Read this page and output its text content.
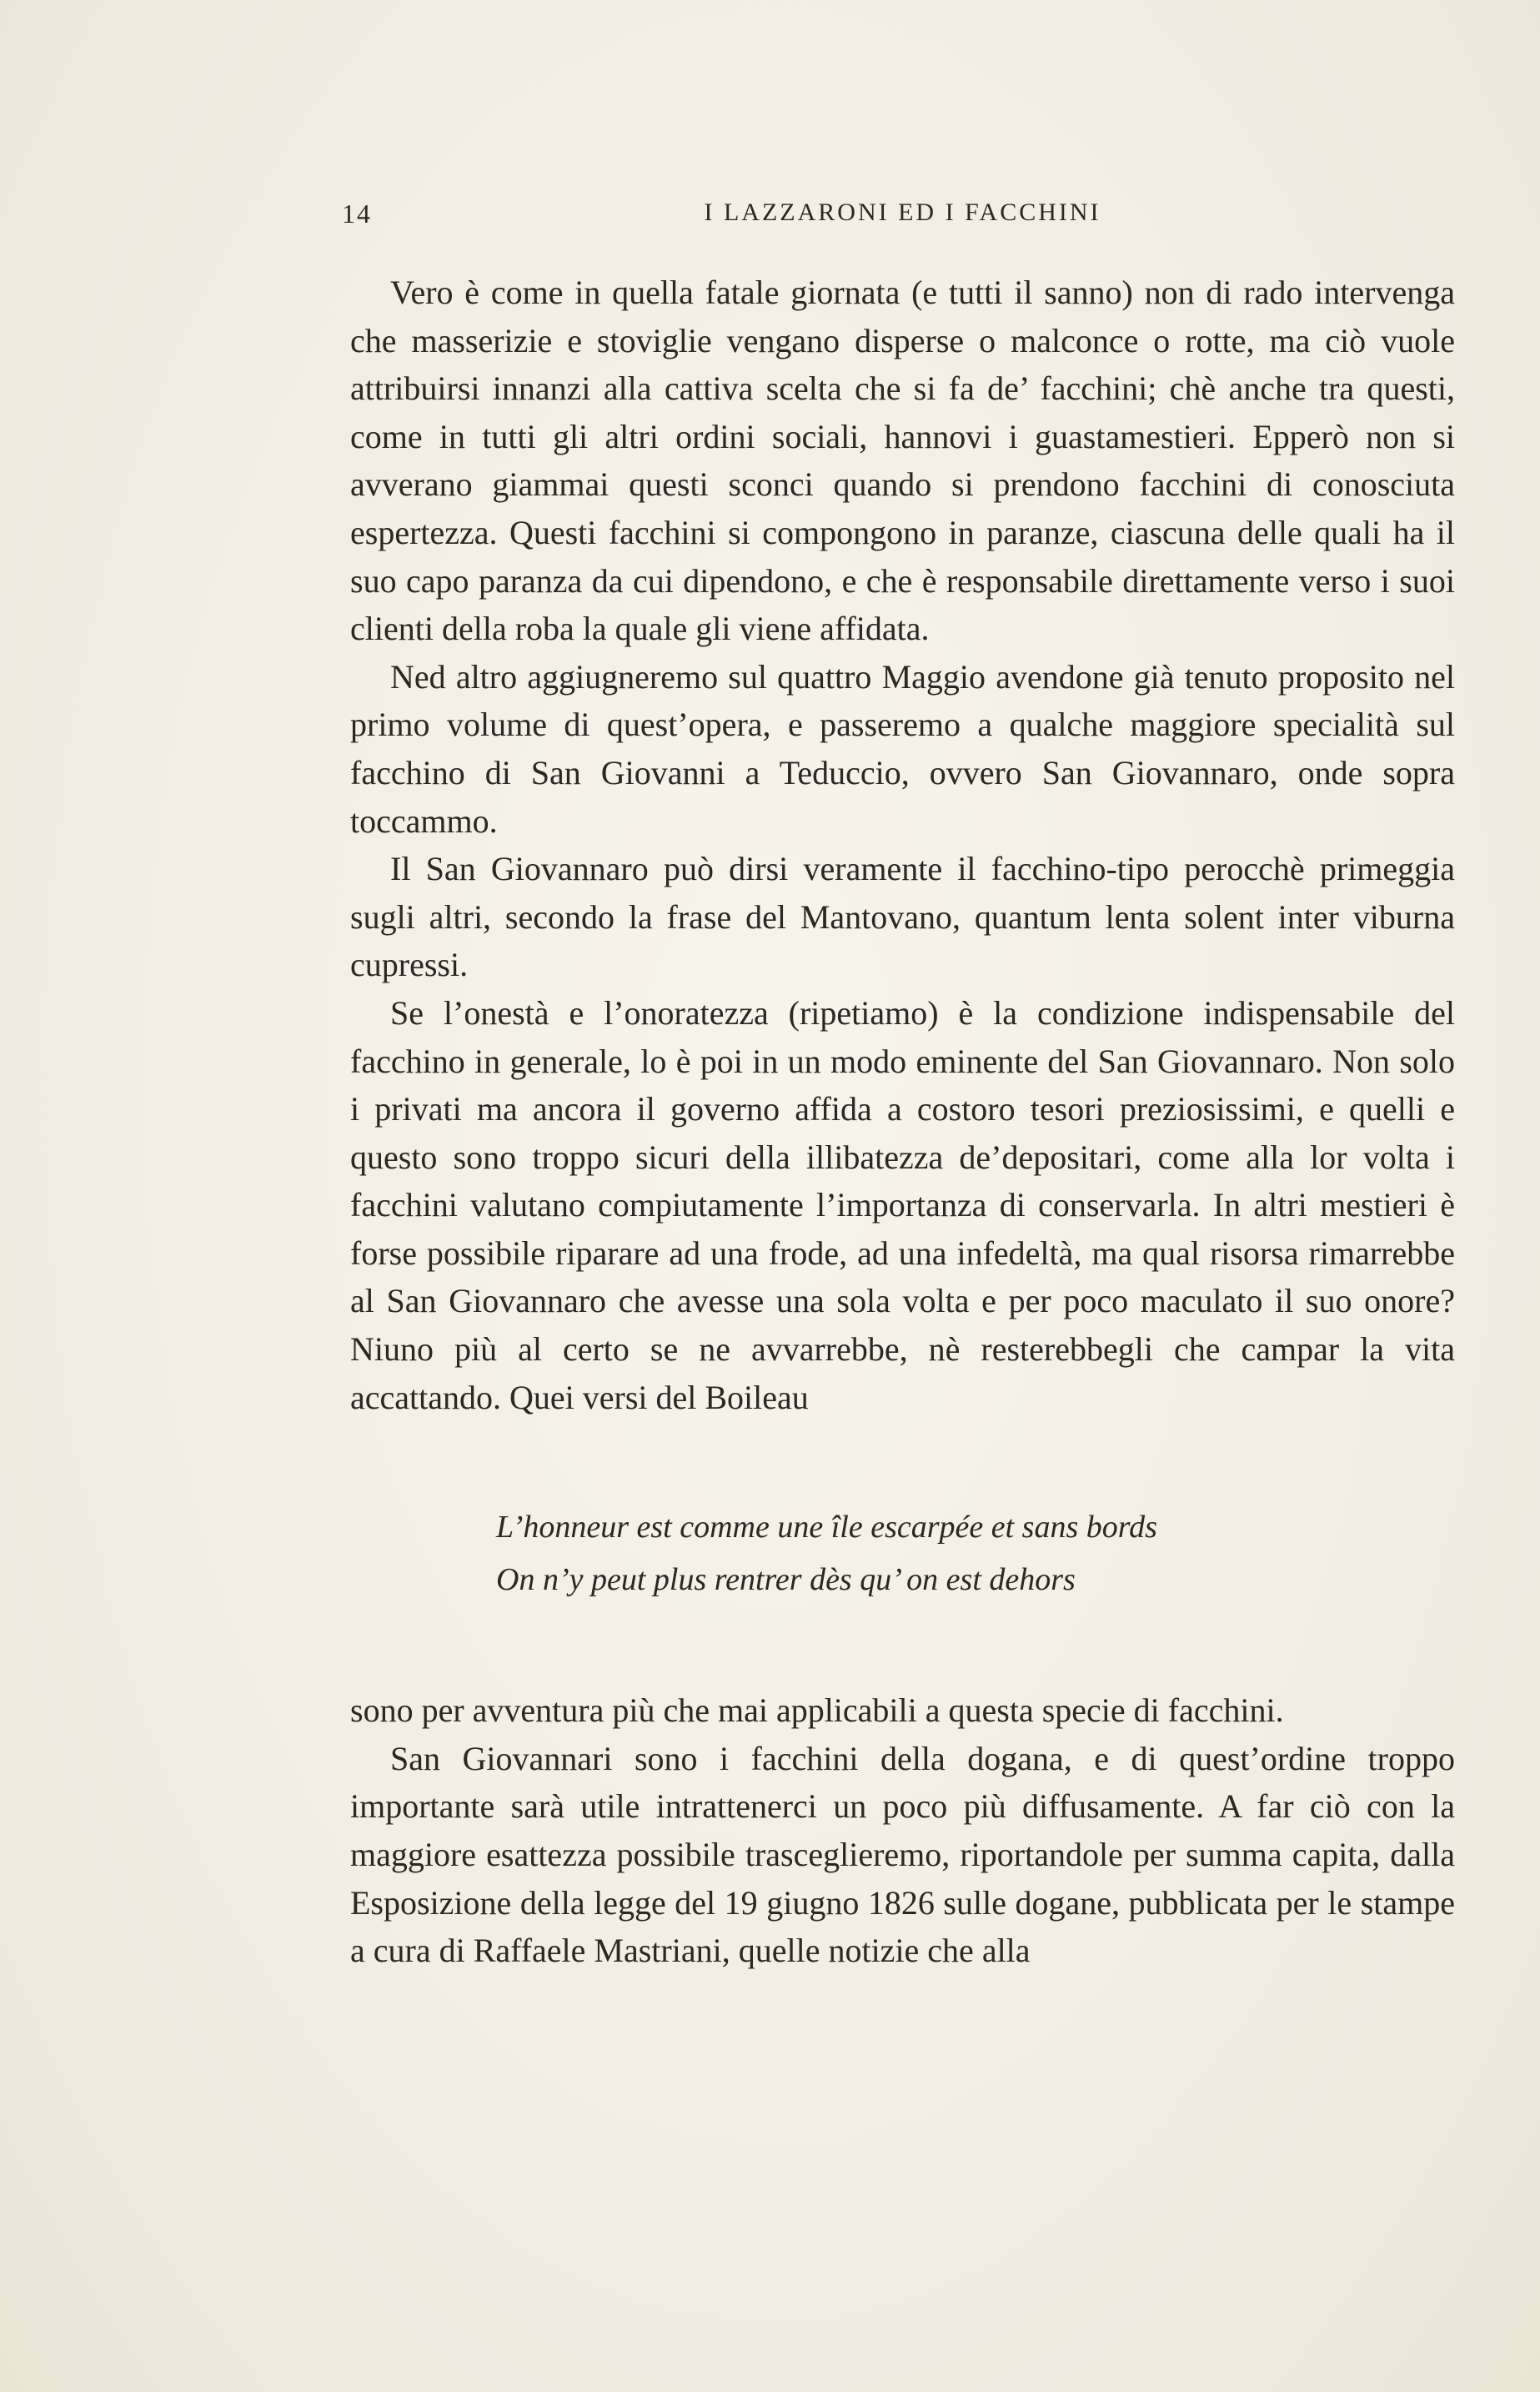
14	I LAZZARONI ED I FACCHINI

Vero è come in quella fatale giornata (e tutti il sanno) non di rado intervenga che masserizie e stoviglie vengano disperse o malconce o rotte, ma ciò vuole attribuirsi innanzi alla cattiva scelta che si fa de’ facchini; chè anche tra questi, come in tutti gli altri ordini sociali, hannovi i guastamestieri. Epperò non si avverano giammai questi sconci quando si prendono facchini di conosciuta espertezza. Questi facchini si compongono in paranze, ciascuna delle quali ha il suo capo paranza da cui dipendono, e che è responsabile direttamente verso i suoi clienti della roba la quale gli viene affidata.

Ned altro aggiugneremo sul quattro Maggio avendone già tenuto proposito nel primo volume di quest’opera, e passeremo a qualche maggiore specialità sul facchino di San Giovanni a Teduccio, ovvero San Giovannaro, onde sopra toccammo.

Il San Giovannaro può dirsi veramente il facchino-tipo perocchè primeggia sugli altri, secondo la frase del Mantovano, quantum lenta solent inter viburna cupressi.

Se l’onestà e l’onoratezza (ripetiamo) è la condizione indispensabile del facchino in generale, lo è poi in un modo eminente del San Giovannaro. Non solo i privati ma ancora il governo affida a costoro tesori preziosissimi, e quelli e questo sono troppo sicuri della illibatezza de’depositari, come alla lor volta i facchini valutano compiutamente l’importanza di conservarla. In altri mestieri è forse possibile riparare ad una frode, ad una infedeltà, ma qual risorsa rimarrebbe al San Giovannaro che avesse una sola volta e per poco maculato il suo onore? Niuno più al certo se ne avvarrebbe, nè resterebbegli che campar la vita accattando. Quei versi del Boileau

L’honneur est comme une île escarpée et sans bords
On n’y peut plus rentrer dès qu’ on est dehors

sono per avventura più che mai applicabili a questa specie di facchini.

San Giovannari sono i facchini della dogana, e di quest’ordine troppo importante sarà utile intrattenerci un poco più diffusamente. A far ciò con la maggiore esattezza possibile trasceglieremo, riportandole per summa capita, dalla Esposizione della legge del 19 giugno 1826 sulle dogane, pubblicata per le stampe a cura di Raffaele Mastriani, quelle notizie che alla
